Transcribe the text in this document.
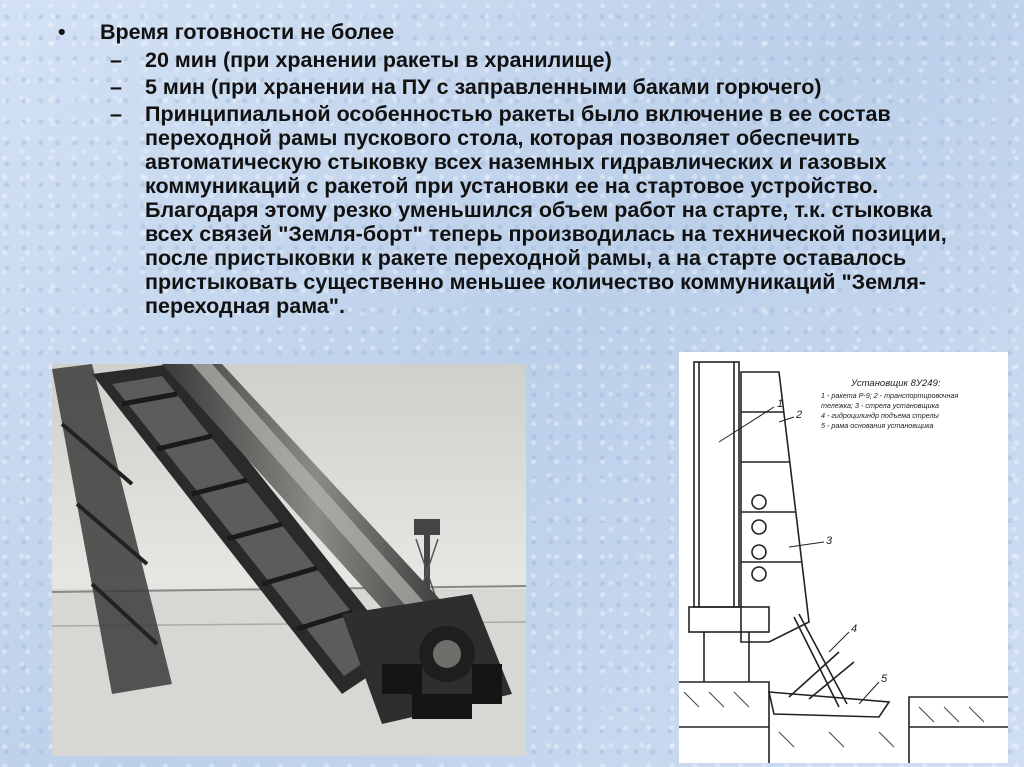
• Время готовности не более
– 20 мин (при хранении ракеты в хранилище)
– 5 мин (при хранении на ПУ с заправленными баками горючего)
– Принципиальной особенностью ракеты было включение в ее состав переходной рамы пускового стола, которая позволяет обеспечить автоматическую стыковку всех наземных гидравлических и газовых коммуникаций с ракетой при установки ее на стартовое устройство. Благодаря этому резко уменьшился объем работ на старте, т.к. стыковка всех связей "Земля-борт" теперь производилась на технической позиции, после пристыковки к ракете переходной рамы, а на старте оставалось пристыковать существенно меньшее количество коммуникаций "Земля-переходная рама".
1
2
3
4
5
Установщик 8У249:
1 - ракета Р-9; 2 - транспортировочная
тележка; 3 - стрела установщика
4 - гидроцилиндр подъема стрелы
5 - рама основания установщика
